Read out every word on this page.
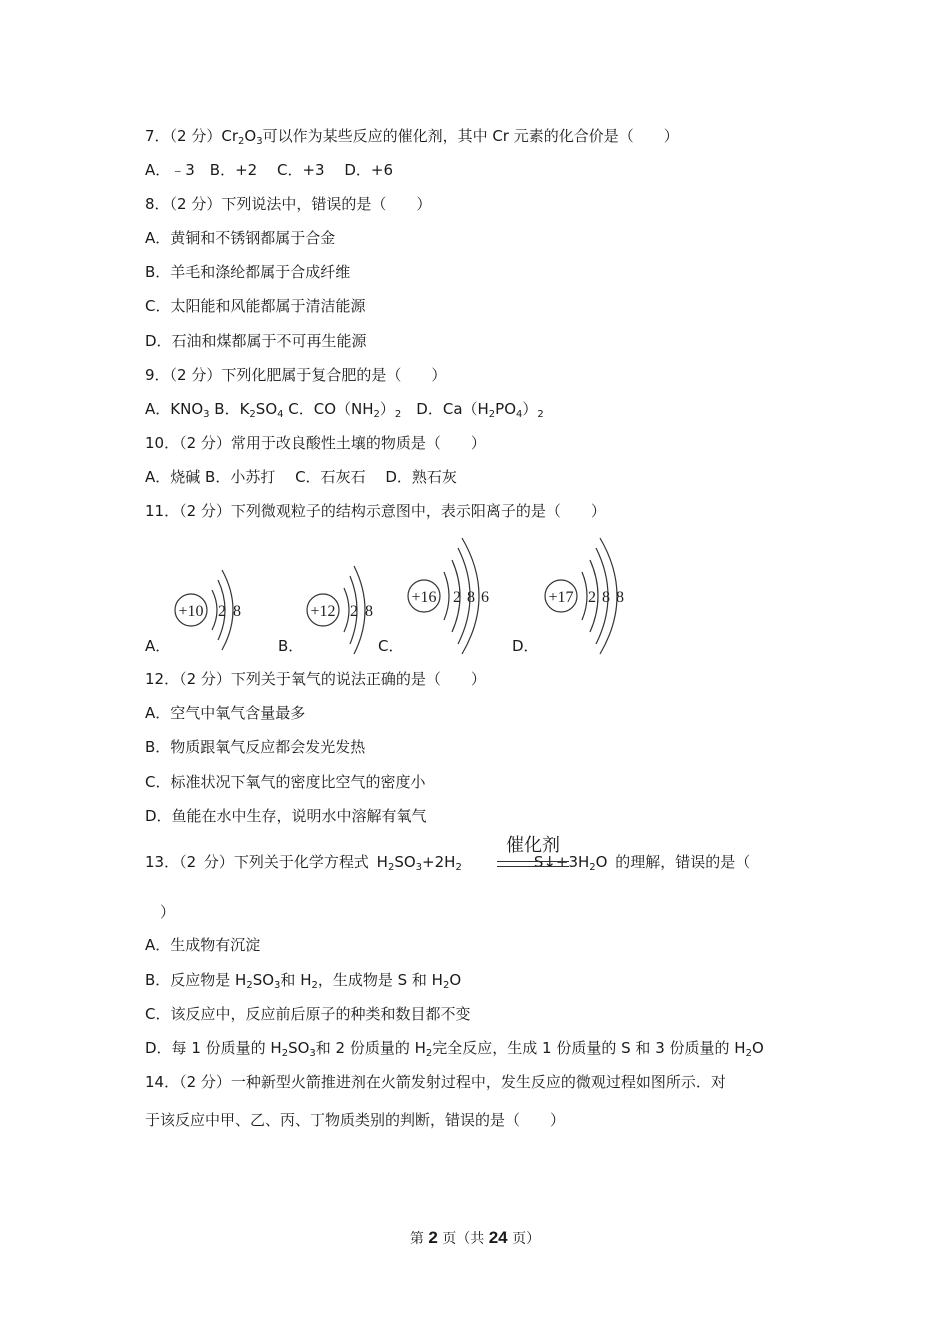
7．（2 分）$Cr_2O_3$可以作为某些反应的催化剂，其中 Cr 元素的化合价是（　　）
A．﹣3　B．+2　 C．+3　 D．+6
8．（2 分）下列说法中，错误的是（　　）
A．黄铜和不锈钢都属于合金
B．羊毛和涤纶都属于合成纤维
C．太阳能和风能都属于清洁能源
D．石油和煤都属于不可再生能源
9．（2 分）下列化肥属于复合肥的是（　　）
A．$KNO_3$ B．$K_2SO_4$ C．$CO(NH_2)_2$　D．$Ca(H_2PO_4)_2$
10．（2 分）常用于改良酸性土壤的物质是（　　）
A．烧碱 B．小苏打　 C．石灰石　 D．熟石灰
11．（2 分）下列微观粒子的结构示意图中，表示阳离子的是（　　）
+10 2 8	+12 2 8
+16 2 8 6	+17 2 8 8
A．	B．	C．	D．
12．（2 分）下列关于氧气的说法正确的是（　　）
A．空气中氧气含量最多
B．物质跟氧气反应都会发光发热
C．标准状况下氧气的密度比空气的密度小
D．鱼能在水中生存，说明水中溶解有氧气
13．（2 分）下列关于化学方程式 $H_2SO_3+2H_2$	$S↓+3H_2O$ 的理解，错误的是（
催化剂
）
A．生成物有沉淀
B．反应物是 $H_2SO_3$和 $H_2$，生成物是 S 和 $H_2O$
C．该反应中，反应前后原子的种类和数目都不变
D．每 1 份质量的 $H_2SO_3$和 2 份质量的 $H_2$完全反应，生成 1 份质量的 S 和 3 份质量的 $H_2O$
14．（2 分）一种新型火箭推进剂在火箭发射过程中，发生反应的微观过程如图所示．对
于该反应中甲、乙、丙、丁物质类别的判断，错误的是（　　）
第 2 页（共 24 页）
